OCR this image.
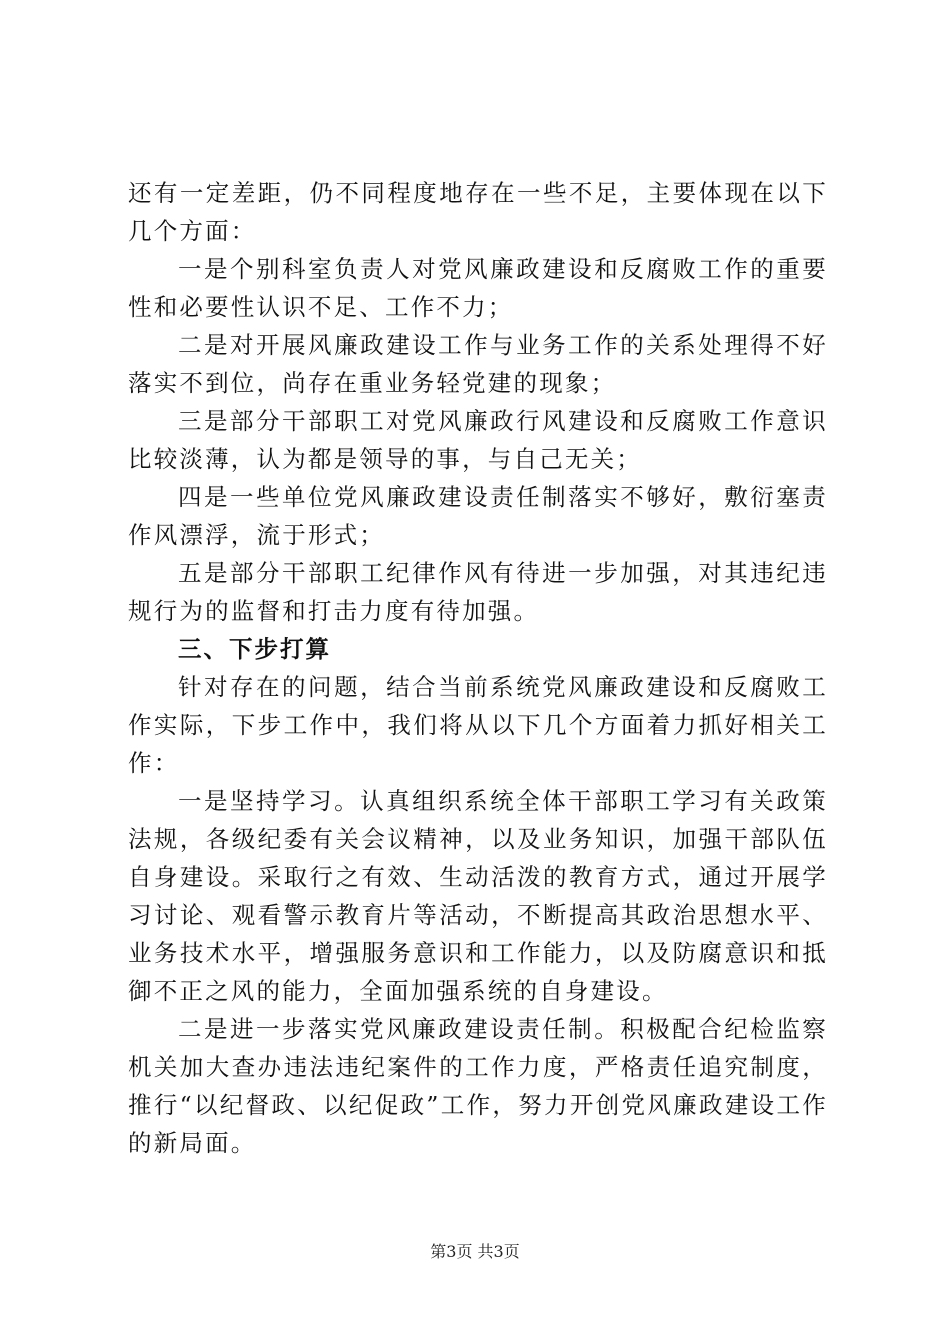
还有一定差距，仍不同程度地存在一些不足，主要体现在以下几个方面：

一是个别科室负责人对党风廉政建设和反腐败工作的重要性和必要性认识不足、工作不力；

二是对开展风廉政建设工作与业务工作的关系处理得不好落实不到位，尚存在重业务轻党建的现象；

三是部分干部职工对党风廉政行风建设和反腐败工作意识比较淡薄，认为都是领导的事，与自己无关；

四是一些单位党风廉政建设责任制落实不够好，敷衍塞责作风漂浮，流于形式；

五是部分干部职工纪律作风有待进一步加强，对其违纪违规行为的监督和打击力度有待加强。

三、下步打算

针对存在的问题，结合当前系统党风廉政建设和反腐败工作实际，下步工作中，我们将从以下几个方面着力抓好相关工作：

一是坚持学习。认真组织系统全体干部职工学习有关政策法规，各级纪委有关会议精神，以及业务知识，加强干部队伍自身建设。采取行之有效、生动活泼的教育方式，通过开展学习讨论、观看警示教育片等活动，不断提高其政治思想水平、业务技术水平，增强服务意识和工作能力，以及防腐意识和抵御不正之风的能力，全面加强系统的自身建设。

二是进一步落实党风廉政建设责任制。积极配合纪检监察机关加大查办违法违纪案件的工作力度，严格责任追究制度，推行“以纪督政、以纪促政”工作，努力开创党风廉政建设工作的新局面。

第3页 共3页
